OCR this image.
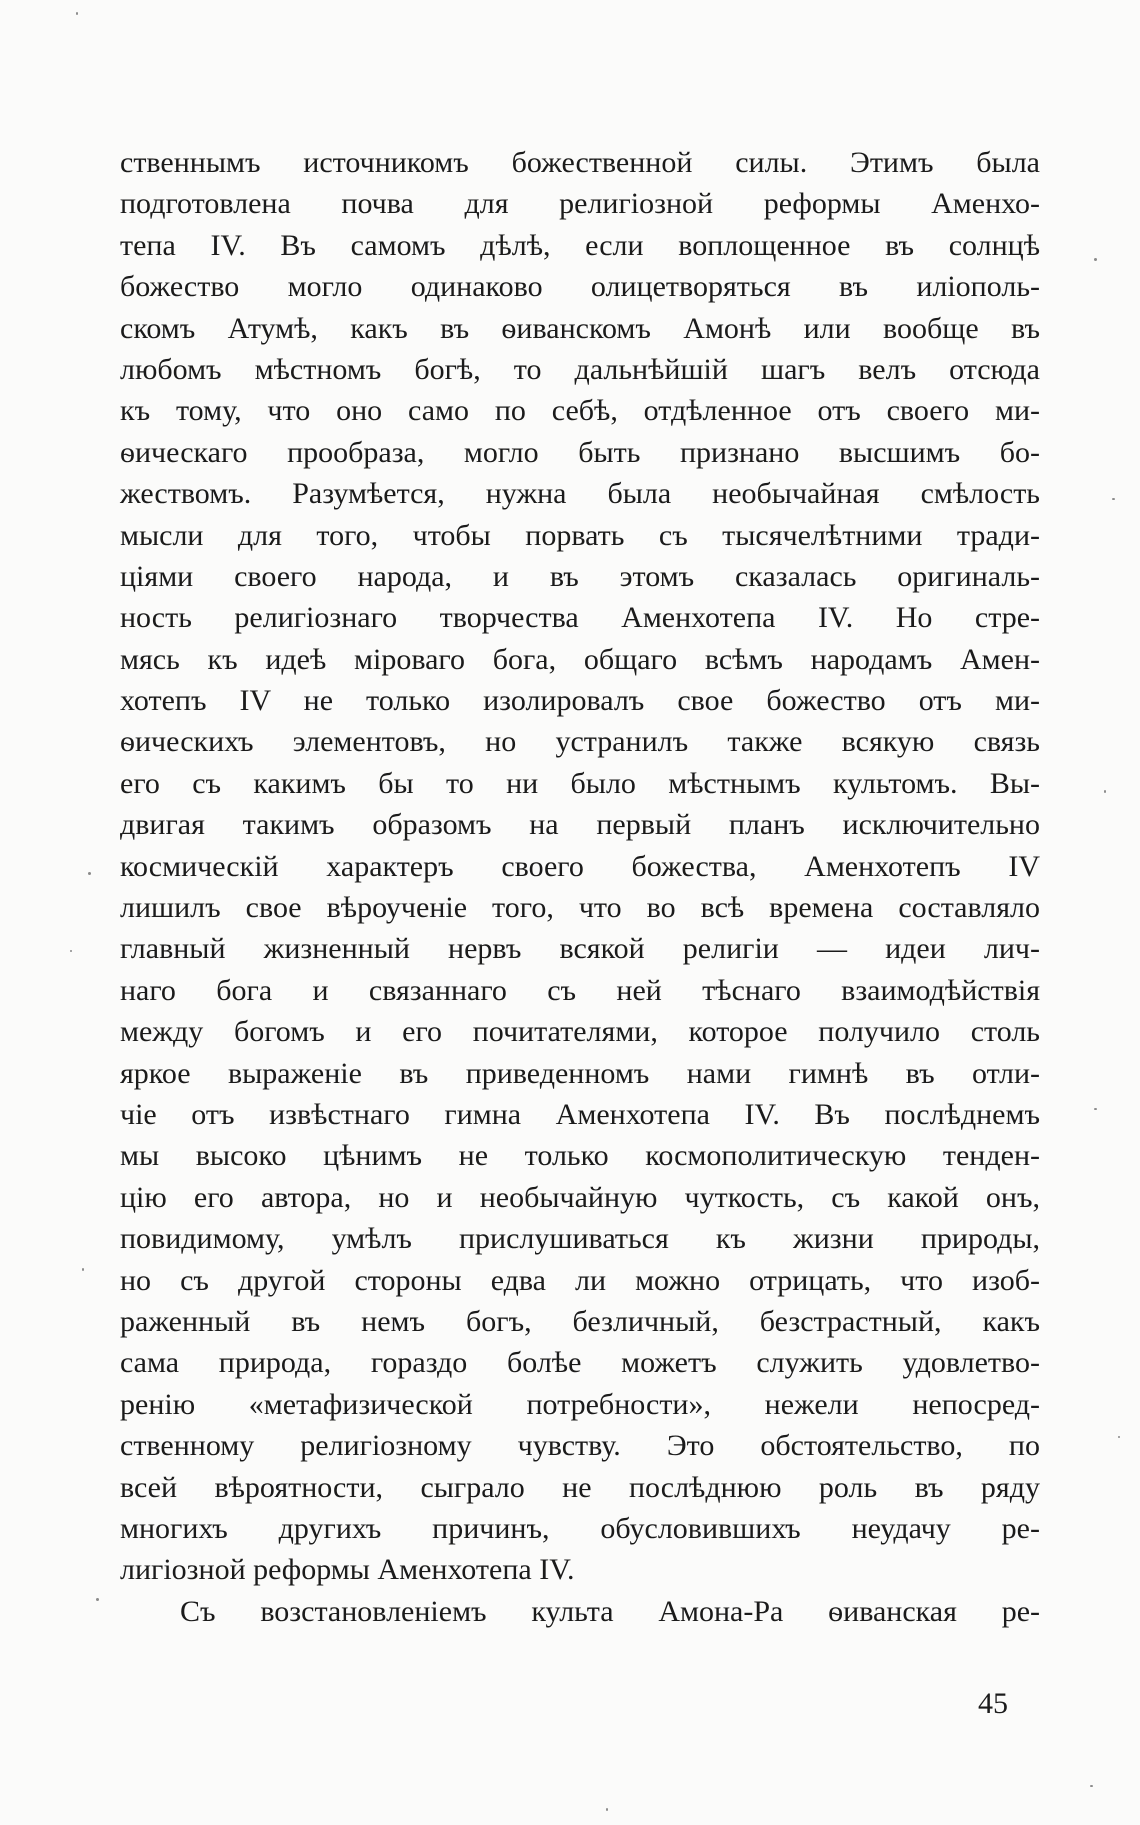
ственнымъ источникомъ божественной силы. Этимъ была
подготовлена почва для религіозной реформы Аменхо-
тепа IV. Въ самомъ дѣлѣ, если воплощенное въ солнцѣ
божество могло одинаково олицетворяться въ иліополь-
скомъ Атумѣ, какъ въ ѳиванскомъ Амонѣ или вообще въ
любомъ мѣстномъ богѣ, то дальнѣйшій шагъ велъ отсюда
къ тому, что оно само по себѣ, отдѣленное отъ своего ми-
ѳическаго прообраза, могло быть признано высшимъ бо-
жествомъ. Разумѣется, нужна была необычайная смѣлость
мысли для того, чтобы порвать съ тысячелѣтними тради-
ціями своего народа, и въ этомъ сказалась оригиналь-
ность религіознаго творчества Аменхотепа IV. Но стре-
мясь къ идеѣ міроваго бога, общаго всѣмъ народамъ Амен-
хотепъ IV не только изолировалъ свое божество отъ ми-
ѳическихъ элементовъ, но устранилъ также всякую связь
его съ какимъ бы то ни было мѣстнымъ культомъ. Вы-
двигая такимъ образомъ на первый планъ исключительно
космическій характеръ своего божества, Аменхотепъ IV
лишилъ свое вѣроученіе того, что во всѣ времена составляло
главный жизненный нервъ всякой религіи — идеи лич-
наго бога и связаннаго съ ней тѣснаго взаимодѣйствія
между богомъ и его почитателями, которое получило столь
яркое выраженіе въ приведенномъ нами гимнѣ въ отли-
чіе отъ извѣстнаго гимна Аменхотепа IV. Въ послѣднемъ
мы высоко цѣнимъ не только космополитическую тенден-
цію его автора, но и необычайную чуткость, съ какой онъ,
повидимому, умѣлъ прислушиваться къ жизни природы,
но съ другой стороны едва ли можно отрицать, что изоб-
раженный въ немъ богъ, безличный, безстрастный, какъ
сама природа, гораздо болѣе можетъ служить удовлетво-
ренію «метафизической потребности», нежели непосред-
ственному религіозному чувству. Это обстоятельство, по
всей вѣроятности, сыграло не послѣднюю роль въ ряду
многихъ другихъ причинъ, обусловившихъ неудачу ре-
лигіозной реформы Аменхотепа IV.
Съ возстановленіемъ культа Амона-Ра ѳиванская ре-
45
